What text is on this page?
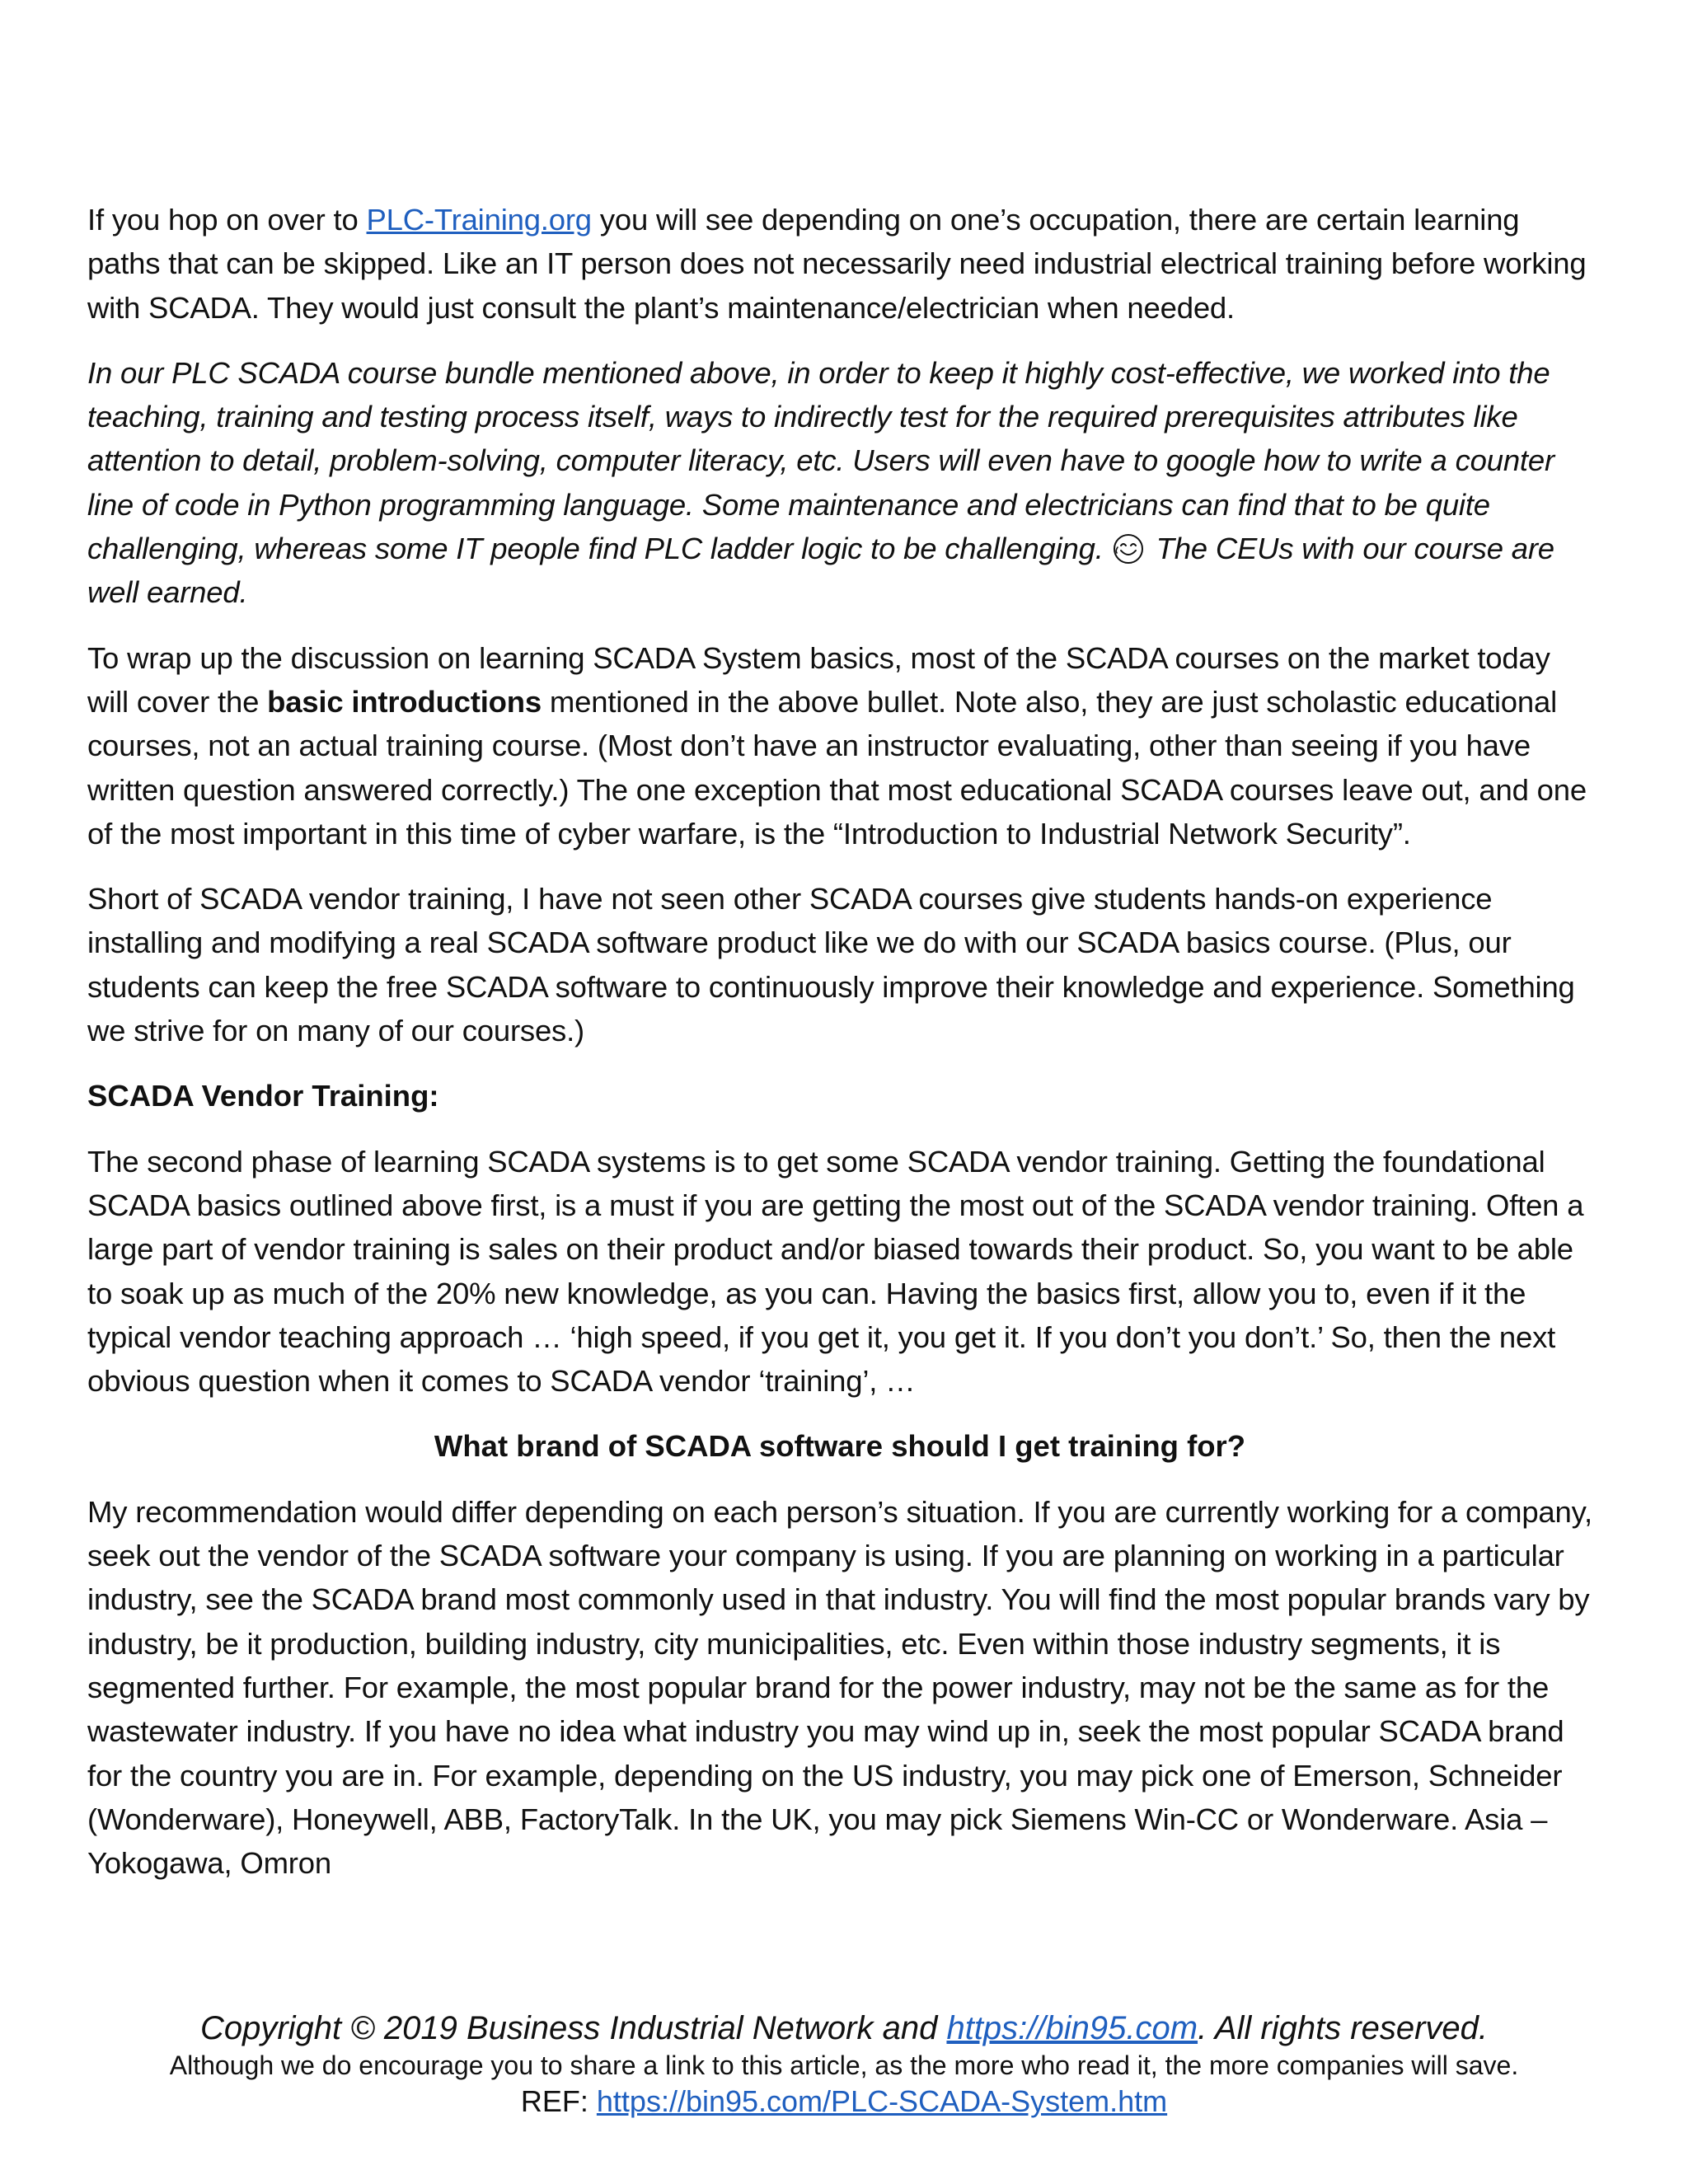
If you hop on over to PLC-Training.org you will see depending on one’s occupation, there are certain learning paths that can be skipped. Like an IT person does not necessarily need industrial electrical training before working with SCADA. They would just consult the plant’s maintenance/electrician when needed.

In our PLC SCADA course bundle mentioned above, in order to keep it highly cost-effective, we worked into the teaching, training and testing process itself, ways to indirectly test for the required prerequisites attributes like attention to detail, problem-solving, computer literacy, etc. Users will even have to google how to write a counter line of code in Python programming language. Some maintenance and electricians can find that to be quite challenging, whereas some IT people find PLC ladder logic to be challenging. The CEUs with our course are well earned.

To wrap up the discussion on learning SCADA System basics, most of the SCADA courses on the market today will cover the basic introductions mentioned in the above bullet. Note also, they are just scholastic educational courses, not an actual training course. (Most don’t have an instructor evaluating, other than seeing if you have written question answered correctly.) The one exception that most educational SCADA courses leave out, and one of the most important in this time of cyber warfare, is the “Introduction to Industrial Network Security”.

Short of SCADA vendor training, I have not seen other SCADA courses give students hands-on experience installing and modifying a real SCADA software product like we do with our SCADA basics course. (Plus, our students can keep the free SCADA software to continuously improve their knowledge and experience. Something we strive for on many of our courses.)

SCADA Vendor Training:

The second phase of learning SCADA systems is to get some SCADA vendor training. Getting the foundational SCADA basics outlined above first, is a must if you are getting the most out of the SCADA vendor training. Often a large part of vendor training is sales on their product and/or biased towards their product. So, you want to be able to soak up as much of the 20% new knowledge, as you can. Having the basics first, allow you to, even if it the typical vendor teaching approach … ‘high speed, if you get it, you get it. If you don’t you don’t.’ So, then the next obvious question when it comes to SCADA vendor ‘training’, …

What brand of SCADA software should I get training for?

My recommendation would differ depending on each person’s situation. If you are currently working for a company, seek out the vendor of the SCADA software your company is using. If you are planning on working in a particular industry, see the SCADA brand most commonly used in that industry. You will find the most popular brands vary by industry, be it production, building industry, city municipalities, etc. Even within those industry segments, it is segmented further. For example, the most popular brand for the power industry, may not be the same as for the wastewater industry. If you have no idea what industry you may wind up in, seek the most popular SCADA brand for the country you are in. For example, depending on the US industry, you may pick one of Emerson, Schneider (Wonderware), Honeywell, ABB, FactoryTalk. In the UK, you may pick Siemens Win-CC or Wonderware. Asia – Yokogawa, Omron

Copyright © 2019 Business Industrial Network and https://bin95.com. All rights reserved.
Although we do encourage you to share a link to this article, as the more who read it, the more companies will save.
REF: https://bin95.com/PLC-SCADA-System.htm
